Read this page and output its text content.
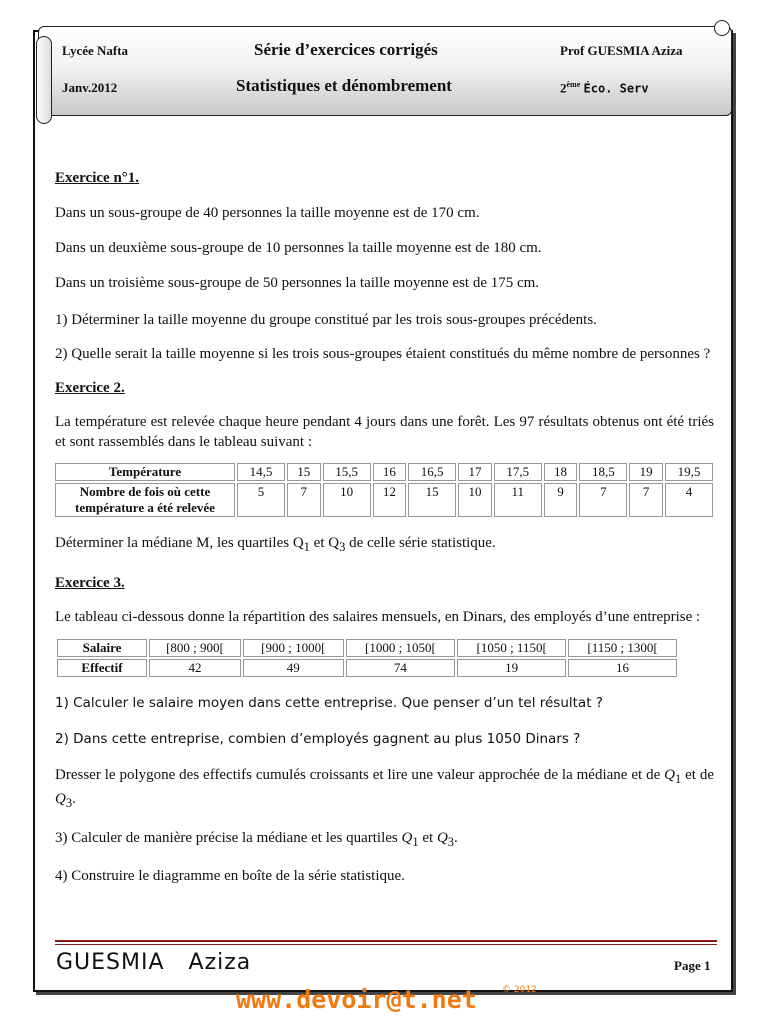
Lycée Nafta	Série d’exercices corrigés	Prof GUESMIA Aziza
Janv.2012	Statistiques et dénombrement	2ème Éco. Serv

Exercice n°1.

Dans un sous-groupe de 40 personnes la taille moyenne est de 170 cm.

Dans un deuxième sous-groupe de 10 personnes la taille moyenne est de 180 cm.

Dans un troisième sous-groupe de 50 personnes la taille moyenne est de 175 cm.

1) Déterminer la taille moyenne du groupe constitué par les trois sous-groupes précédents.

2) Quelle serait la taille moyenne si les trois sous-groupes étaient constitués du même nombre de personnes ?

Exercice 2.

La température est relevée chaque heure pendant 4 jours dans une forêt. Les 97 résultats obtenus ont été triés et sont rassemblés dans le tableau suivant :

Température	14,5	15	15,5	16	16,5	17	17,5	18	18,5	19	19,5
Nombre de fois où cette température a été relevée	5	7	10	12	15	10	11	9	7	7	4

Déterminer la médiane M, les quartiles $Q_1$ et $Q_3$ de celle série statistique.

Exercice 3.

Le tableau ci-dessous donne la répartition des salaires mensuels, en Dinars, des employés d’une entreprise :

Salaire	[800 ; 900[	[900 ; 1000[	[1000 ; 1050[	[1050 ; 1150[	[1150 ; 1300[
Effectif	42	49	74	19	16

1) Calculer le salaire moyen dans cette entreprise. Que penser d’un tel résultat ?

2) Dans cette entreprise, combien d’employés gagnent au plus 1050 Dinars ?

Dresser le polygone des effectifs cumulés croissants et lire une valeur approchée de la médiane et de $Q_1$ et de $Q_3$.

3) Calculer de manière précise la médiane et les quartiles $Q_1$ et $Q_3$.

4) Construire le diagramme en boîte de la série statistique.

GUESMIA   Aziza	Page 1
www.devoir@t.net	© 2012
